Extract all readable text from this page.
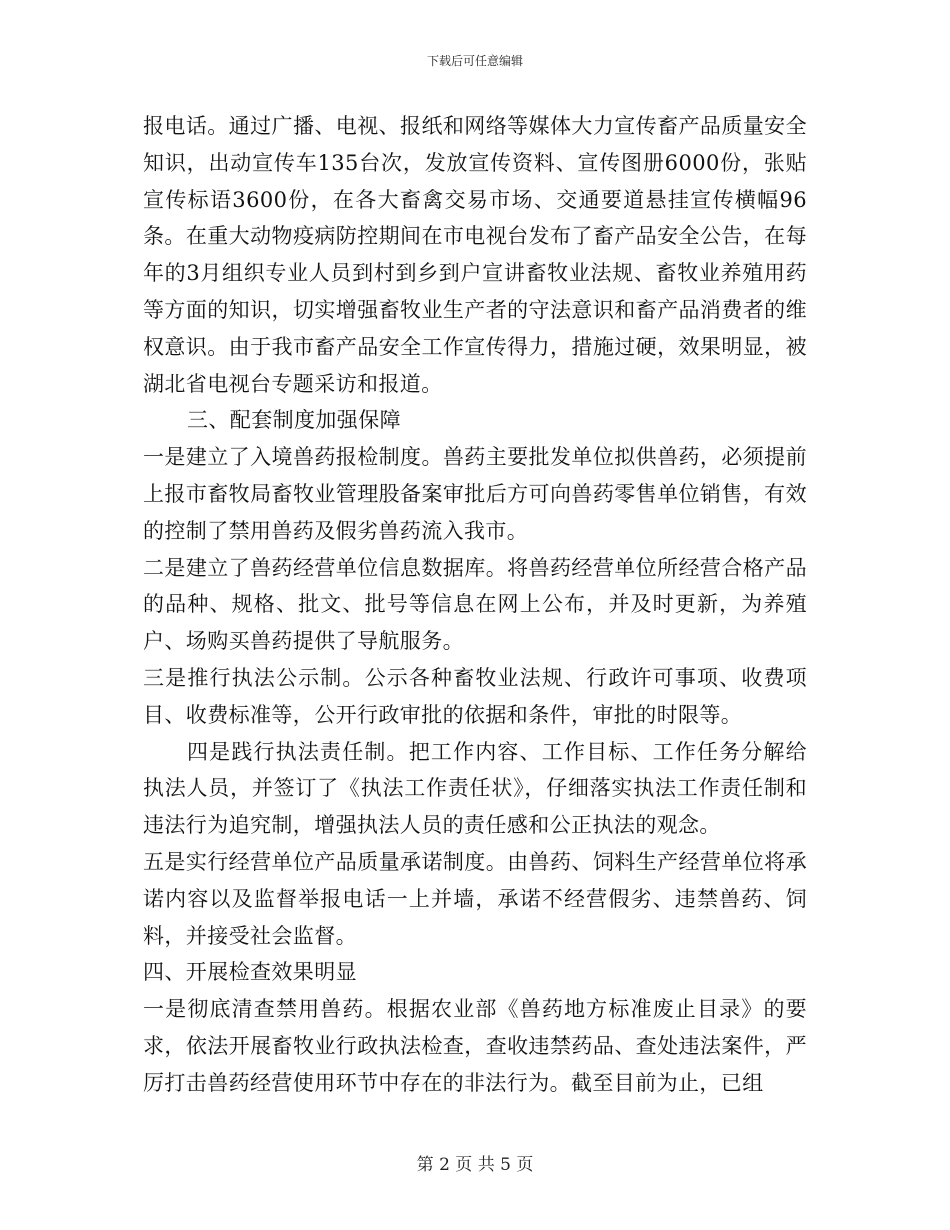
下载后可任意编辑

报电话。通过广播、电视、报纸和网络等媒体大力宣传畜产品质量安全知识，出动宣传车135台次，发放宣传资料、宣传图册6000份，张贴宣传标语3600份，在各大畜禽交易市场、交通要道悬挂宣传横幅96条。在重大动物疫病防控期间在市电视台发布了畜产品安全公告，在每年的3月组织专业人员到村到乡到户宣讲畜牧业法规、畜牧业养殖用药等方面的知识，切实增强畜牧业生产者的守法意识和畜产品消费者的维权意识。由于我市畜产品安全工作宣传得力，措施过硬，效果明显，被湖北省电视台专题采访和报道。

三、配套制度加强保障

一是建立了入境兽药报检制度。兽药主要批发单位拟供兽药，必须提前上报市畜牧局畜牧业管理股备案审批后方可向兽药零售单位销售，有效的控制了禁用兽药及假劣兽药流入我市。

二是建立了兽药经营单位信息数据库。将兽药经营单位所经营合格产品的品种、规格、批文、批号等信息在网上公布，并及时更新，为养殖户、场购买兽药提供了导航服务。

三是推行执法公示制。公示各种畜牧业法规、行政许可事项、收费项目、收费标准等，公开行政审批的依据和条件，审批的时限等。

四是践行执法责任制。把工作内容、工作目标、工作任务分解给执法人员，并签订了《执法工作责任状》，仔细落实执法工作责任制和违法行为追究制，增强执法人员的责任感和公正执法的观念。

五是实行经营单位产品质量承诺制度。由兽药、饲料生产经营单位将承诺内容以及监督举报电话一上并墙，承诺不经营假劣、违禁兽药、饲料，并接受社会监督。

四、开展检查效果明显

一是彻底清查禁用兽药。根据农业部《兽药地方标准废止目录》的要求，依法开展畜牧业行政执法检查，查收违禁药品、查处违法案件，严厉打击兽药经营使用环节中存在的非法行为。截至目前为止，已组

第 2 页 共 5 页
